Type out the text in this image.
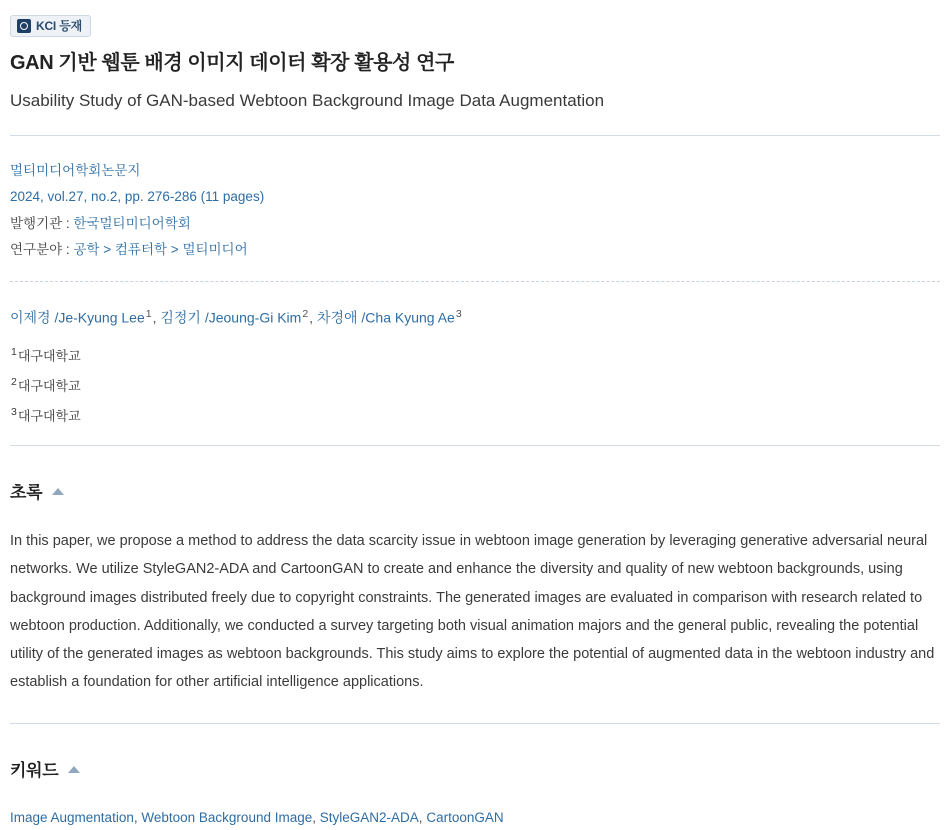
KCI 등재
GAN 기반 웹툰 배경 이미지 데이터 확장 활용성 연구
Usability Study of GAN-based Webtoon Background Image Data Augmentation
멀티미디어학회논문지
2024, vol.27, no.2, pp. 276-286 (11 pages)
발행기관 : 한국멀티미디어학회
연구분야 : 공학 > 컴퓨터학 > 멀티미디어
이제경 /Je-Kyung Lee$^1$, 김정기 /Jeoung-Gi Kim$^2$, 차경애 /Cha Kyung Ae$^3$
$^1$대구대학교
$^2$대구대학교
$^3$대구대학교
초록
In this paper, we propose a method to address the data scarcity issue in webtoon image generation by leveraging generative adversarial neural networks. We utilize StyleGAN2-ADA and CartoonGAN to create and enhance the diversity and quality of new webtoon backgrounds, using background images distributed freely due to copyright constraints. The generated images are evaluated in comparison with research related to webtoon production. Additionally, we conducted a survey targeting both visual animation majors and the general public, revealing the potential utility of the generated images as webtoon backgrounds. This study aims to explore the potential of augmented data in the webtoon industry and establish a foundation for other artificial intelligence applications.
키워드
Image Augmentation, Webtoon Background Image, StyleGAN2-ADA, CartoonGAN
